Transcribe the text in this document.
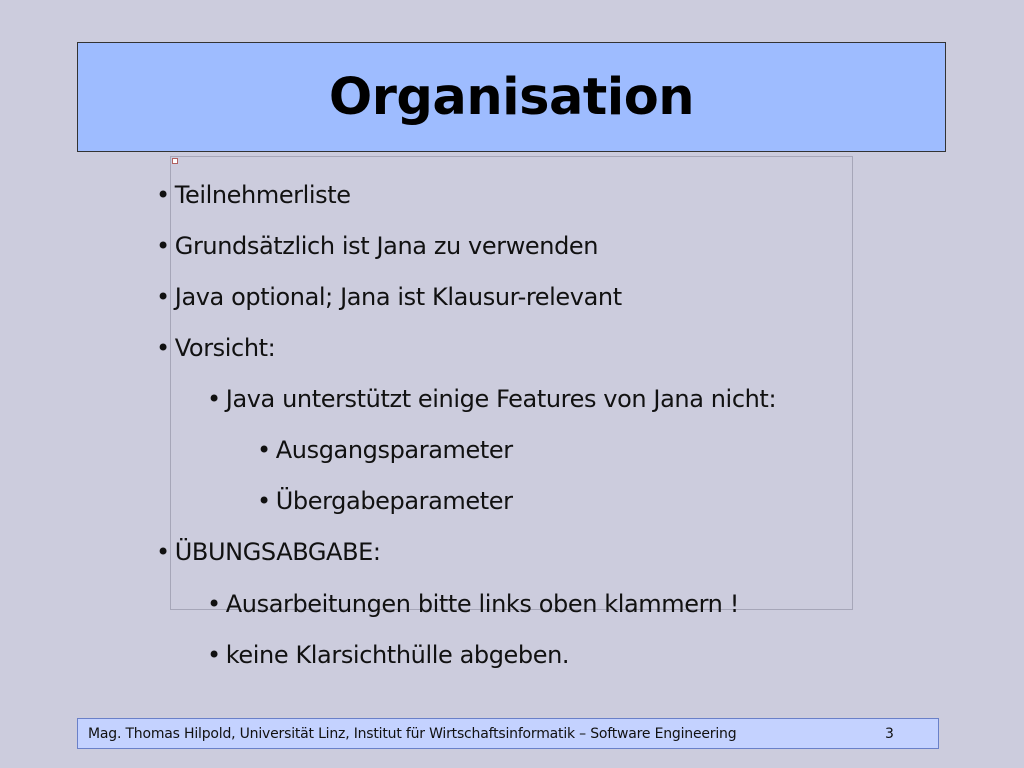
Organisation
• Teilnehmerliste
• Grundsätzlich ist Jana zu verwenden
• Java optional; Jana ist Klausur-relevant
• Vorsicht:
• Java unterstützt einige Features von Jana nicht:
• Ausgangsparameter
• Übergabeparameter
• ÜBUNGSABGABE:
• Ausarbeitungen bitte links oben klammern !
• keine Klarsichthülle abgeben.
Mag. Thomas Hilpold, Universität Linz, Institut für Wirtschaftsinformatik – Software Engineering	3
